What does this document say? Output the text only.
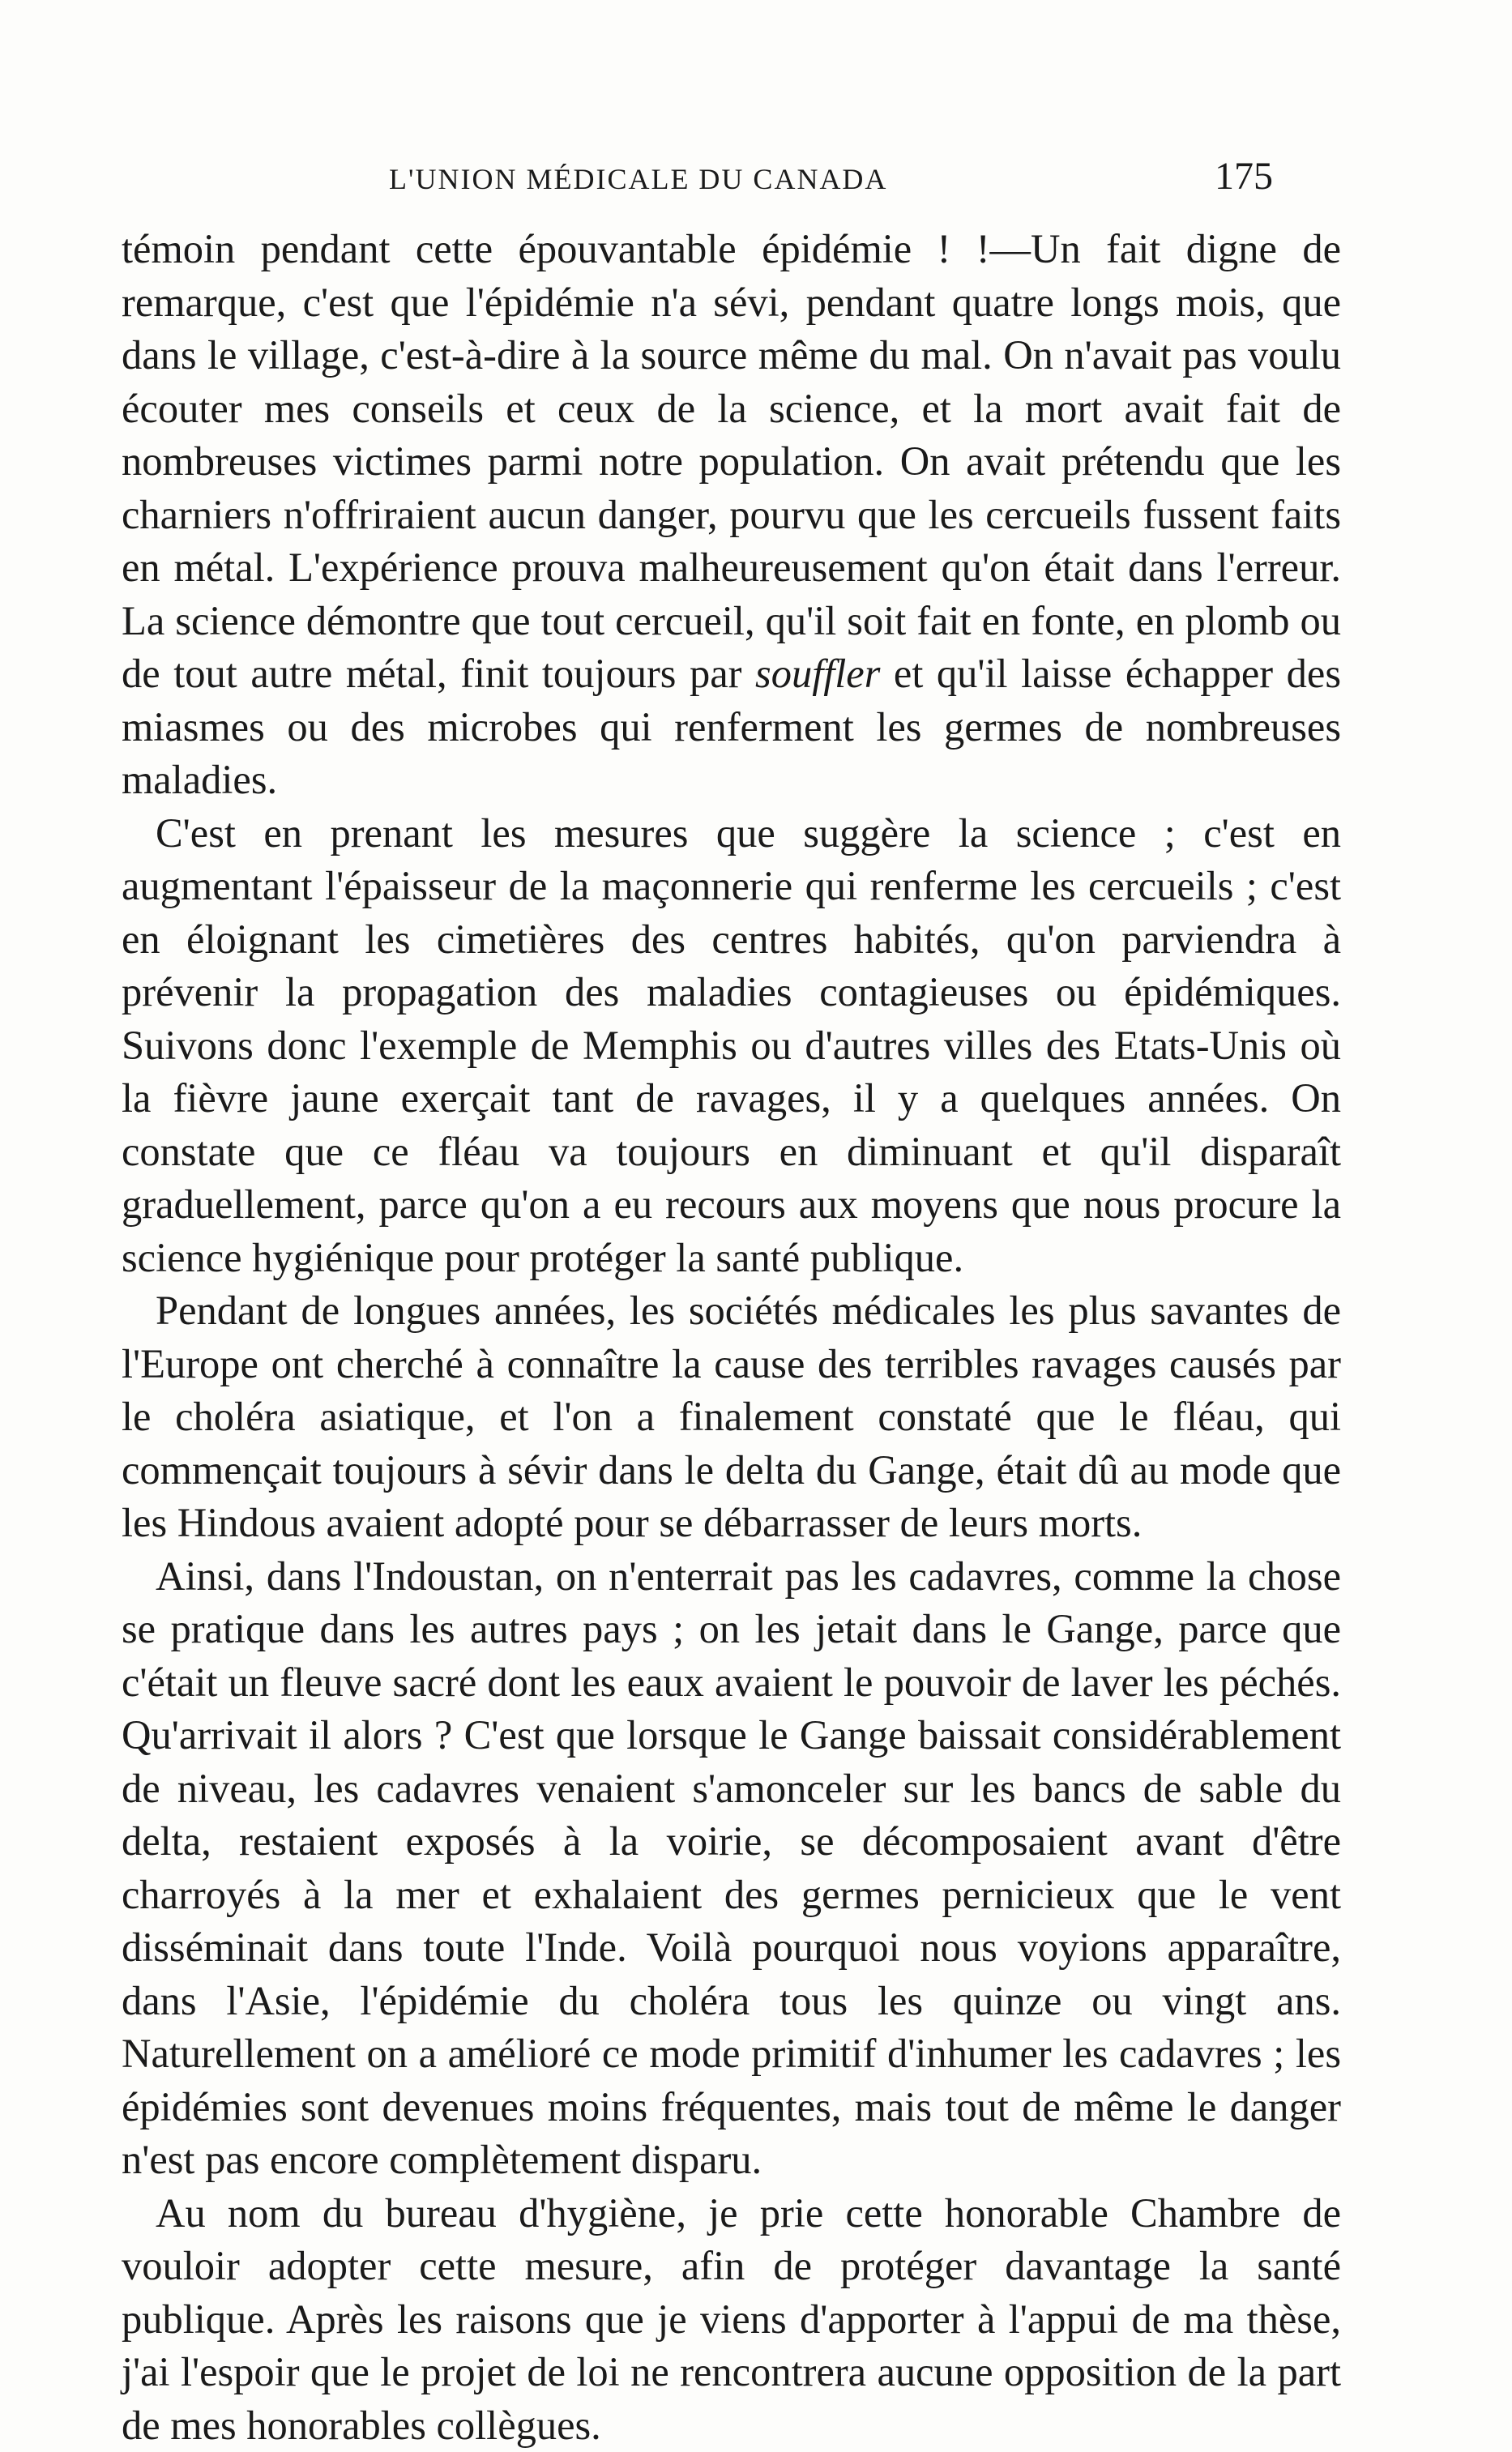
L'UNION MÉDICALE DU CANADA	175

témoin pendant cette épouvantable épidémie ! !—Un fait digne de remarque, c'est que l'épidémie n'a sévi, pendant quatre longs mois, que dans le village, c'est-à-dire à la source même du mal. On n'avait pas voulu écouter mes conseils et ceux de la science, et la mort avait fait de nombreuses victimes parmi notre population. On avait prétendu que les charniers n'offriraient aucun danger, pourvu que les cercueils fussent faits en métal. L'expérience prouva malheureusement qu'on était dans l'erreur. La science démontre que tout cercueil, qu'il soit fait en fonte, en plomb ou de tout autre métal, finit toujours par souffler et qu'il laisse échapper des miasmes ou des microbes qui renferment les germes de nombreuses maladies.

C'est en prenant les mesures que suggère la science ; c'est en augmentant l'épaisseur de la maçonnerie qui renferme les cercueils ; c'est en éloignant les cimetières des centres habités, qu'on parviendra à prévenir la propagation des maladies contagieuses ou épidémiques. Suivons donc l'exemple de Memphis ou d'autres villes des Etats-Unis où la fièvre jaune exerçait tant de ravages, il y a quelques années. On constate que ce fléau va toujours en diminuant et qu'il disparaît graduellement, parce qu'on a eu recours aux moyens que nous procure la science hygiénique pour protéger la santé publique.

Pendant de longues années, les sociétés médicales les plus savantes de l'Europe ont cherché à connaître la cause des terribles ravages causés par le choléra asiatique, et l'on a finalement constaté que le fléau, qui commençait toujours à sévir dans le delta du Gange, était dû au mode que les Hindous avaient adopté pour se débarrasser de leurs morts.

Ainsi, dans l'Indoustan, on n'enterrait pas les cadavres, comme la chose se pratique dans les autres pays ; on les jetait dans le Gange, parce que c'était un fleuve sacré dont les eaux avaient le pouvoir de laver les péchés. Qu'arrivait il alors ? C'est que lorsque le Gange baissait considérablement de niveau, les cadavres venaient s'amonceler sur les bancs de sable du delta, restaient exposés à la voirie, se décomposaient avant d'être charroyés à la mer et exhalaient des germes pernicieux que le vent disséminait dans toute l'Inde. Voilà pourquoi nous voyions apparaître, dans l'Asie, l'épidémie du choléra tous les quinze ou vingt ans. Naturellement on a amélioré ce mode primitif d'inhumer les cadavres ; les épidémies sont devenues moins fréquentes, mais tout de même le danger n'est pas encore complètement disparu.

Au nom du bureau d'hygiène, je prie cette honorable Chambre de vouloir adopter cette mesure, afin de protéger davantage la santé publique. Après les raisons que je viens d'apporter à l'appui de ma thèse, j'ai l'espoir que le projet de loi ne rencontrera aucune opposition de la part de mes honorables collègues.
